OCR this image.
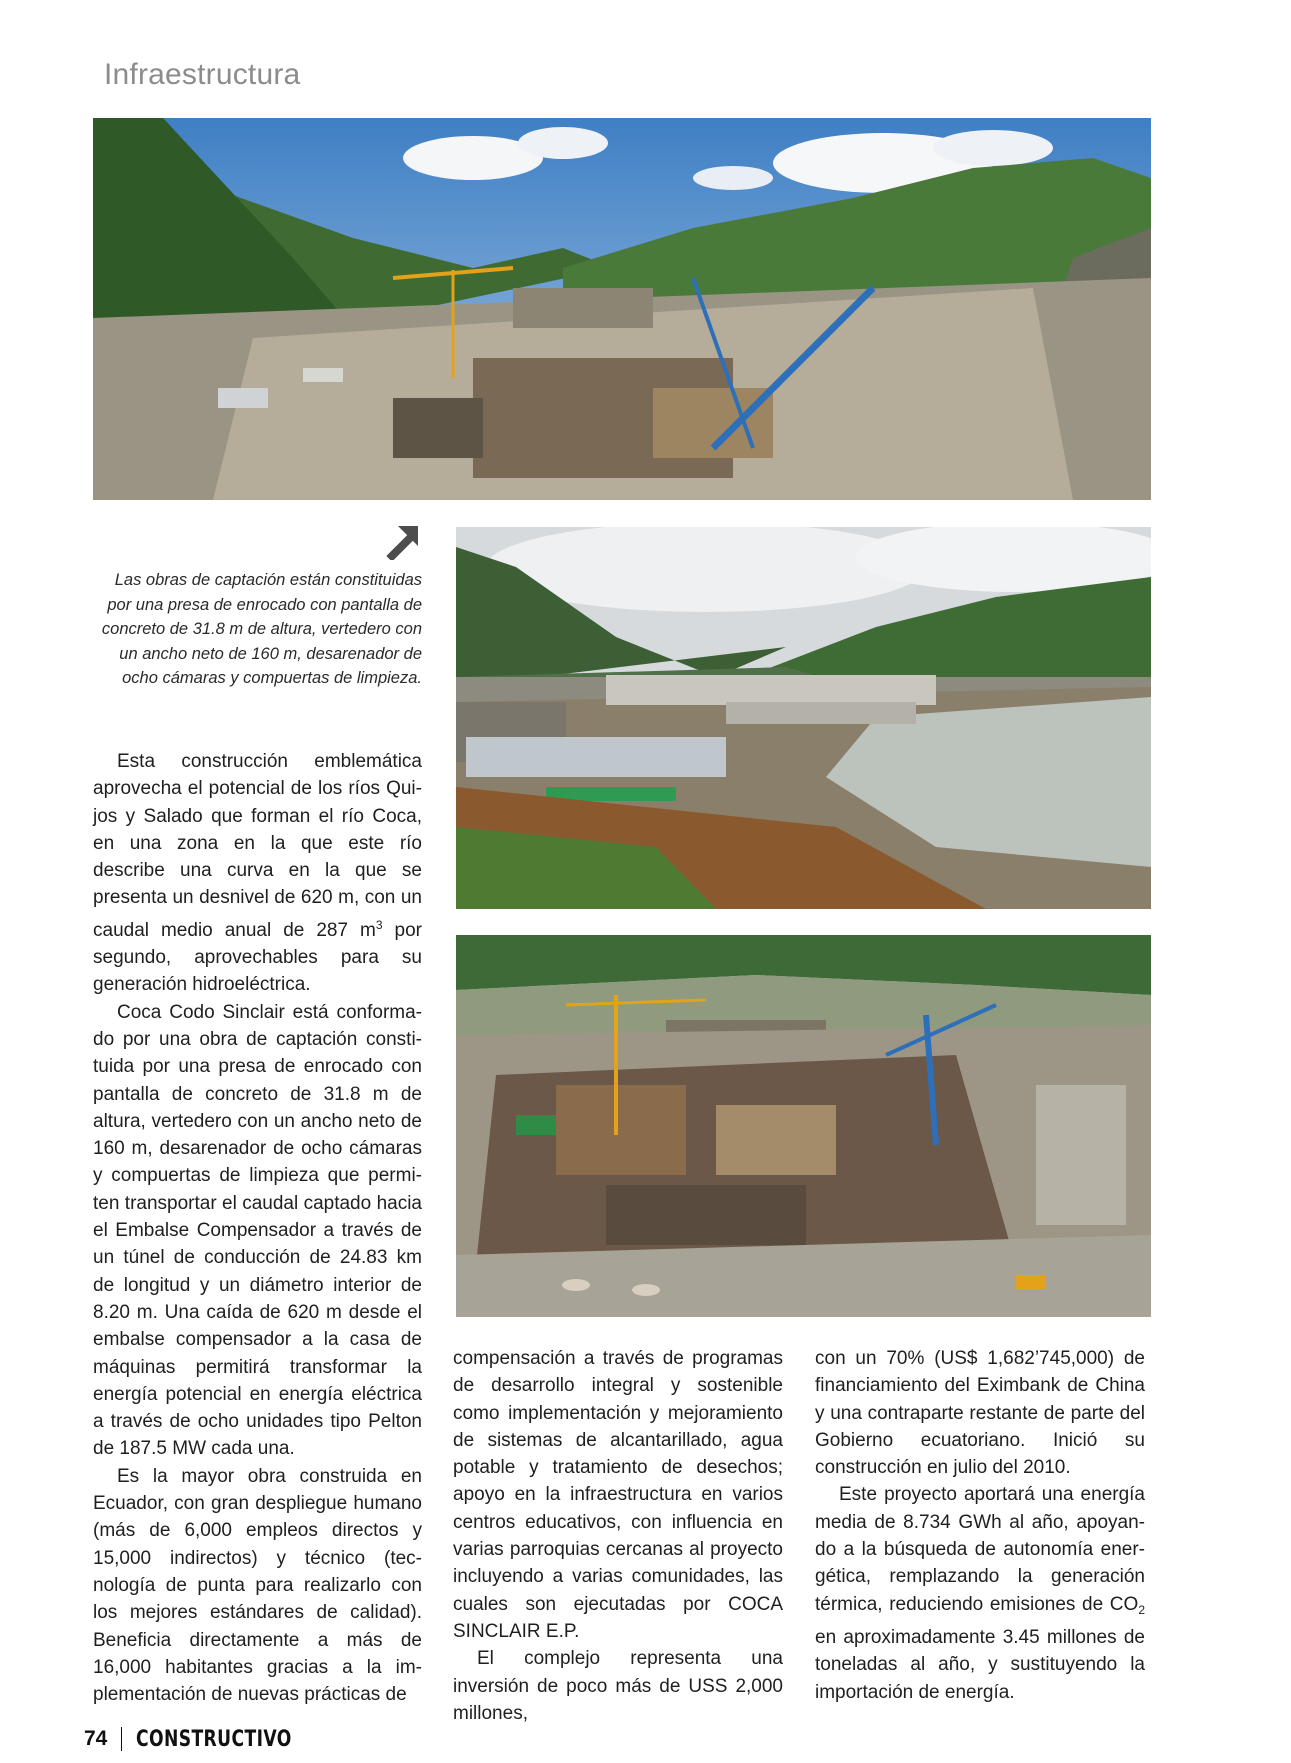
Infraestructura
Las obras de captación están constituidas por una presa de enrocado con pantalla de concreto de 31.8 m de altura, vertedero con un ancho neto de 160 m, desarenador de ocho cámaras y compuertas de limpieza.

Esta construcción emblemática aprovecha el potencial de los ríos Quijos y Salado que forman el río Coca, en una zona en la que este río describe una curva en la que se presenta un desnivel de 620 m, con un caudal medio anual de 287 $m^3$ por segundo, aprovechables para su generación hidroeléctrica.

Coca Codo Sinclair está conformado por una obra de captación constituida por una presa de enrocado con pantalla de concreto de 31.8 m de altura, vertedero con un ancho neto de 160 m, desarenador de ocho cámaras y compuertas de limpieza que permiten transportar el caudal captado hacia el Embalse Compensador a través de un túnel de conducción de 24.83 km de longitud y un diámetro interior de 8.20 m. Una caída de 620 m desde el embalse compensador a la casa de máquinas permitirá transformar la energía potencial en energía eléctrica a través de ocho unidades tipo Pelton de 187.5 MW cada una.

Es la mayor obra construida en Ecuador, con gran despliegue humano (más de 6,000 empleos directos y 15,000 indirectos) y técnico (tecnología de punta para realizarlo con los mejores estándares de calidad). Beneficia directamente a más de 16,000 habitantes gracias a la implementación de nuevas prácticas de

compensación a través de programas de desarrollo integral y sostenible como implementación y mejoramiento de sistemas de alcantarillado, agua potable y tratamiento de desechos; apoyo en la infraestructura en varios centros educativos, con influencia en varias parroquias cercanas al proyecto incluyendo a varias comunidades, las cuales son ejecutadas por COCA SINCLAIR E.P.

El complejo representa una inversión de poco más de USS 2,000 millones,

con un 70% (US$ 1,682’745,000) de financiamiento del Eximbank de China y una contraparte restante de parte del Gobierno ecuatoriano. Inició su construcción en julio del 2010.

Este proyecto aportará una energía media de 8.734 GWh al año, apoyando a la búsqueda de autonomía energética, remplazando la generación térmica, reduciendo emisiones de $CO_2$ en aproximadamente 3.45 millones de toneladas al año, y sustituyendo la importación de energía.

74 CONSTRUCTIVO
